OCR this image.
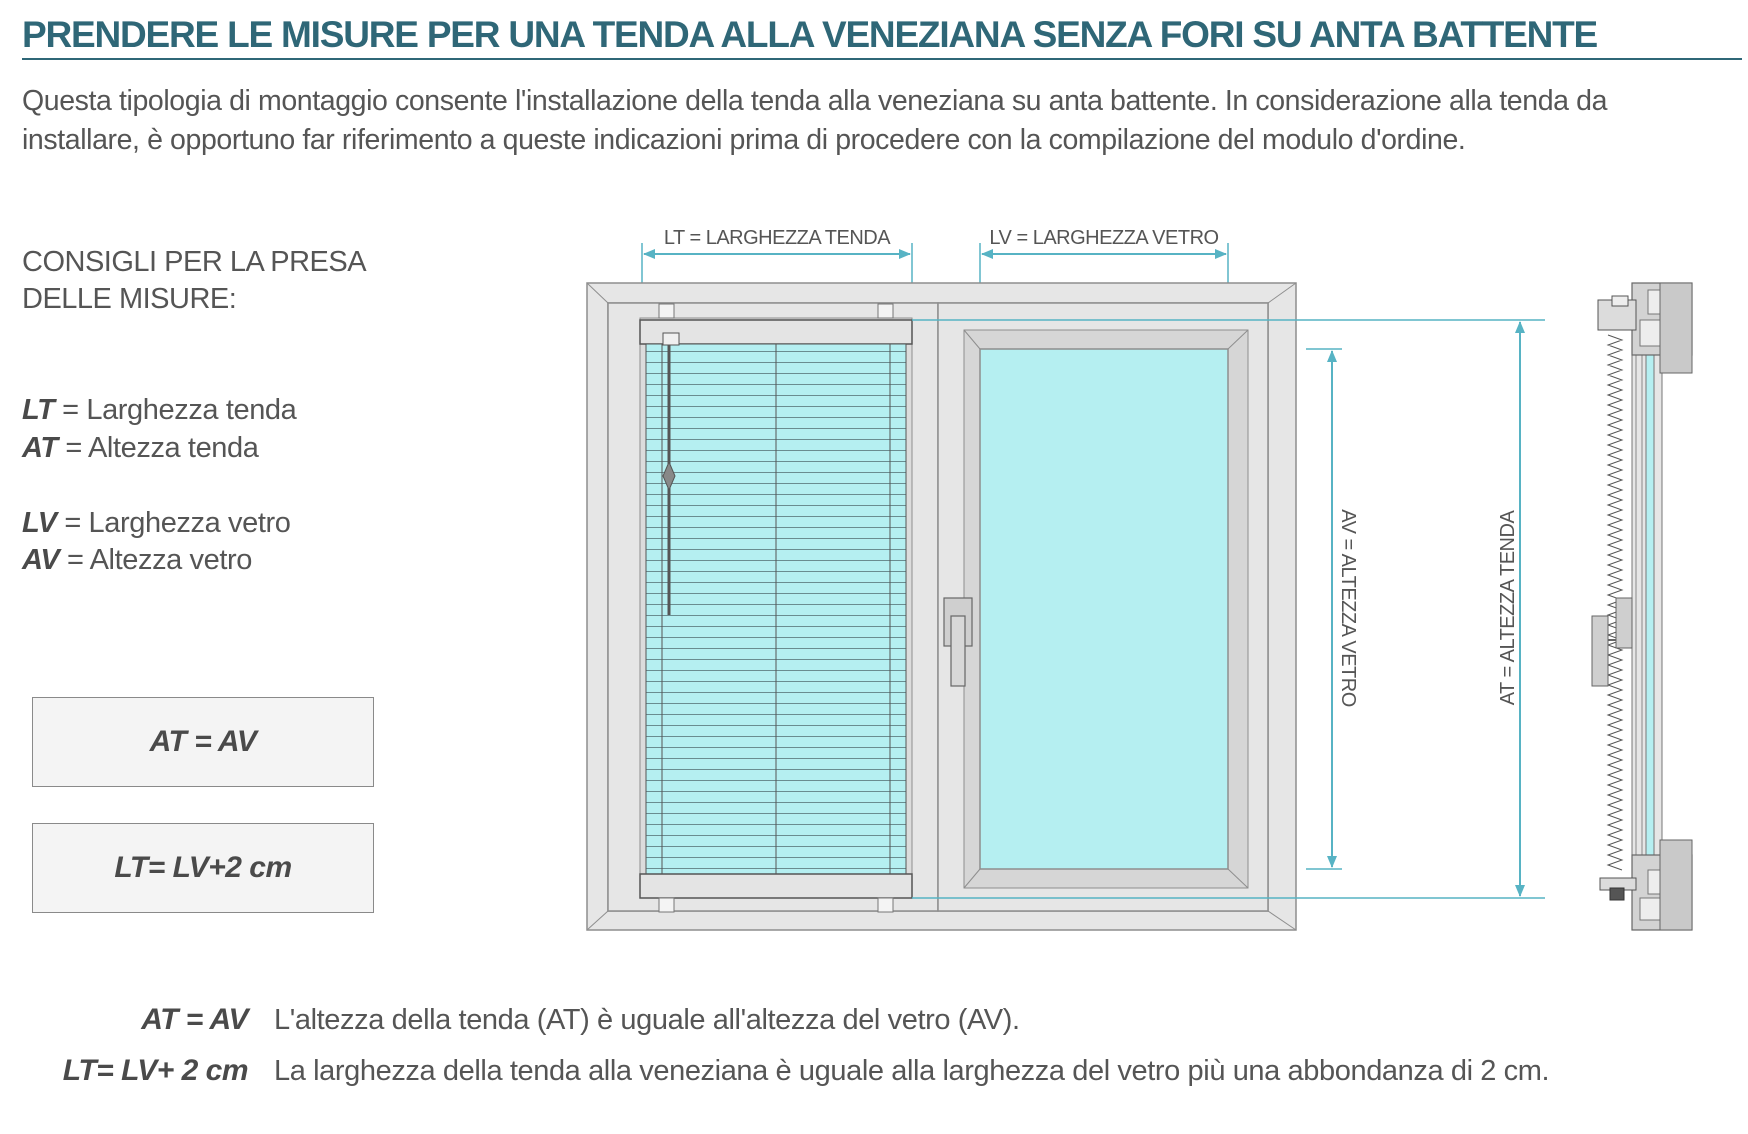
PRENDERE LE MISURE PER UNA TENDA ALLA VENEZIANA SENZA FORI SU ANTA BATTENTE
Questa tipologia di montaggio consente l'installazione della tenda alla veneziana su anta battente. In considerazione alla tenda da installare, è opportuno far riferimento a queste indicazioni prima di procedere con la compilazione del modulo d'ordine.
CONSIGLI PER LA PRESA DELLE MISURE:
LT = Larghezza tenda
AT = Altezza tenda
LV = Larghezza vetro
AV = Altezza vetro
AT = AV
LT= LV+2 cm
LT = LARGHEZZA TENDA	LV = LARGHEZZA VETRO
AV = ALTEZZA VETRO	AT = ALTEZZA TENDA
AT = AV L'altezza della tenda (AT) è uguale all'altezza del vetro (AV).
LT= LV+ 2 cm La larghezza della tenda alla veneziana è uguale alla larghezza del vetro più una abbondanza di 2 cm.
